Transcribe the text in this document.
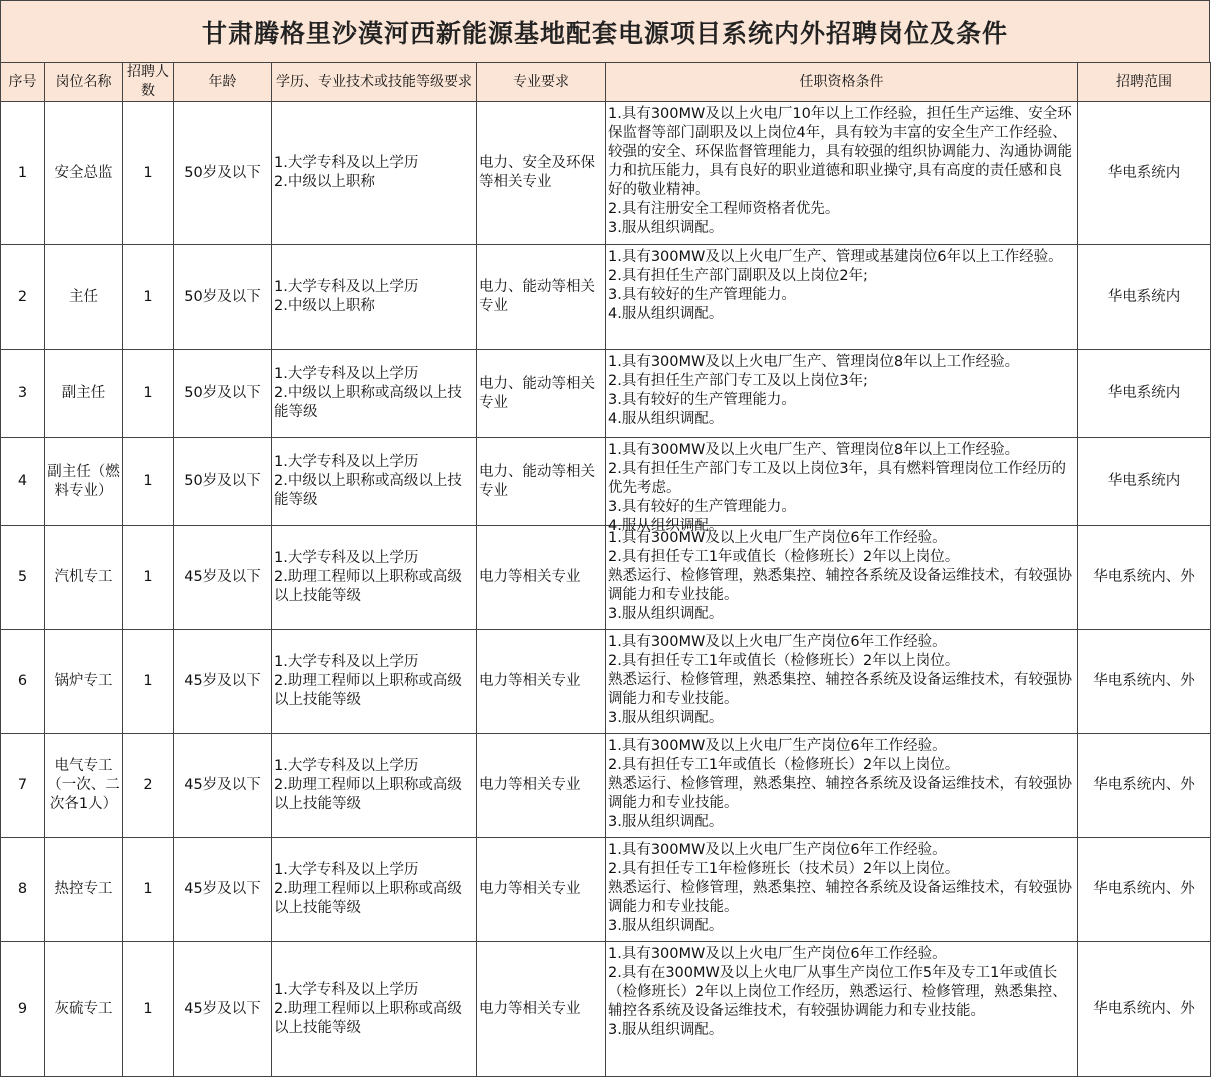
甘肃腾格里沙漠河西新能源基地配套电源项目系统内外招聘岗位及条件
序号	岗位名称	招聘人数	年龄	学历、专业技术或技能等级要求	专业要求	任职资格条件	招聘范围
1	安全总监	1	50岁及以下	1.大学专科及以上学历
2.中级以上职称	电力、安全及环保等相关专业	1.具有300MW及以上火电厂10年以上工作经验，担任生产运维、安全环保监督等部门副职及以上岗位4年，具有较为丰富的安全生产工作经验、较强的安全、环保监督管理能力，具有较强的组织协调能力、沟通协调能力和抗压能力，具有良好的职业道德和职业操守,具有高度的责任感和良好的敬业精神。
2.具有注册安全工程师资格者优先。
3.服从组织调配。	华电系统内
2	主任	1	50岁及以下	1.大学专科及以上学历
2.中级以上职称	电力、能动等相关专业	1.具有300MW及以上火电厂生产、管理或基建岗位6年以上工作经验。
2.具有担任生产部门副职及以上岗位2年;
3.具有较好的生产管理能力。
4.服从组织调配。	华电系统内
3	副主任	1	50岁及以下	1.大学专科及以上学历
2.中级以上职称或高级以上技能等级	电力、能动等相关专业	1.具有300MW及以上火电厂生产、管理岗位8年以上工作经验。
2.具有担任生产部门专工及以上岗位3年;
3.具有较好的生产管理能力。
4.服从组织调配。	华电系统内
4	副主任（燃料专业）	1	50岁及以下	1.大学专科及以上学历
2.中级以上职称或高级以上技能等级	电力、能动等相关专业	1.具有300MW及以上火电厂生产、管理岗位8年以上工作经验。
2.具有担任生产部门专工及以上岗位3年，具有燃料管理岗位工作经历的优先考虑。
3.具有较好的生产管理能力。
4.服从组织调配。	华电系统内
5	汽机专工	1	45岁及以下	1.大学专科及以上学历
2.助理工程师以上职称或高级以上技能等级	电力等相关专业	1.具有300MW及以上火电厂生产岗位6年工作经验。
2.具有担任专工1年或值长（检修班长）2年以上岗位。
熟悉运行、检修管理，熟悉集控、辅控各系统及设备运维技术，有较强协调能力和专业技能。
3.服从组织调配。	华电系统内、外
6	锅炉专工	1	45岁及以下	1.大学专科及以上学历
2.助理工程师以上职称或高级以上技能等级	电力等相关专业	1.具有300MW及以上火电厂生产岗位6年工作经验。
2.具有担任专工1年或值长（检修班长）2年以上岗位。
熟悉运行、检修管理，熟悉集控、辅控各系统及设备运维技术，有较强协调能力和专业技能。
3.服从组织调配。	华电系统内、外
7	电气专工（一次、二次各1人）	2	45岁及以下	1.大学专科及以上学历
2.助理工程师以上职称或高级以上技能等级	电力等相关专业	1.具有300MW及以上火电厂生产岗位6年工作经验。
2.具有担任专工1年或值长（检修班长）2年以上岗位。
熟悉运行、检修管理，熟悉集控、辅控各系统及设备运维技术，有较强协调能力和专业技能。
3.服从组织调配。	华电系统内、外
8	热控专工	1	45岁及以下	1.大学专科及以上学历
2.助理工程师以上职称或高级以上技能等级	电力等相关专业	1.具有300MW及以上火电厂生产岗位6年工作经验。
2.具有担任专工1年检修班长（技术员）2年以上岗位。
熟悉运行、检修管理，熟悉集控、辅控各系统及设备运维技术，有较强协调能力和专业技能。
3.服从组织调配。	华电系统内、外
9	灰硫专工	1	45岁及以下	1.大学专科及以上学历
2.助理工程师以上职称或高级以上技能等级	电力等相关专业	1.具有300MW及以上火电厂生产岗位6年工作经验。
2.具有在300MW及以上火电厂从事生产岗位工作5年及专工1年或值长（检修班长）2年以上岗位工作经历，熟悉运行、检修管理，熟悉集控、辅控各系统及设备运维技术，有较强协调能力和专业技能。
3.服从组织调配。	华电系统内、外
